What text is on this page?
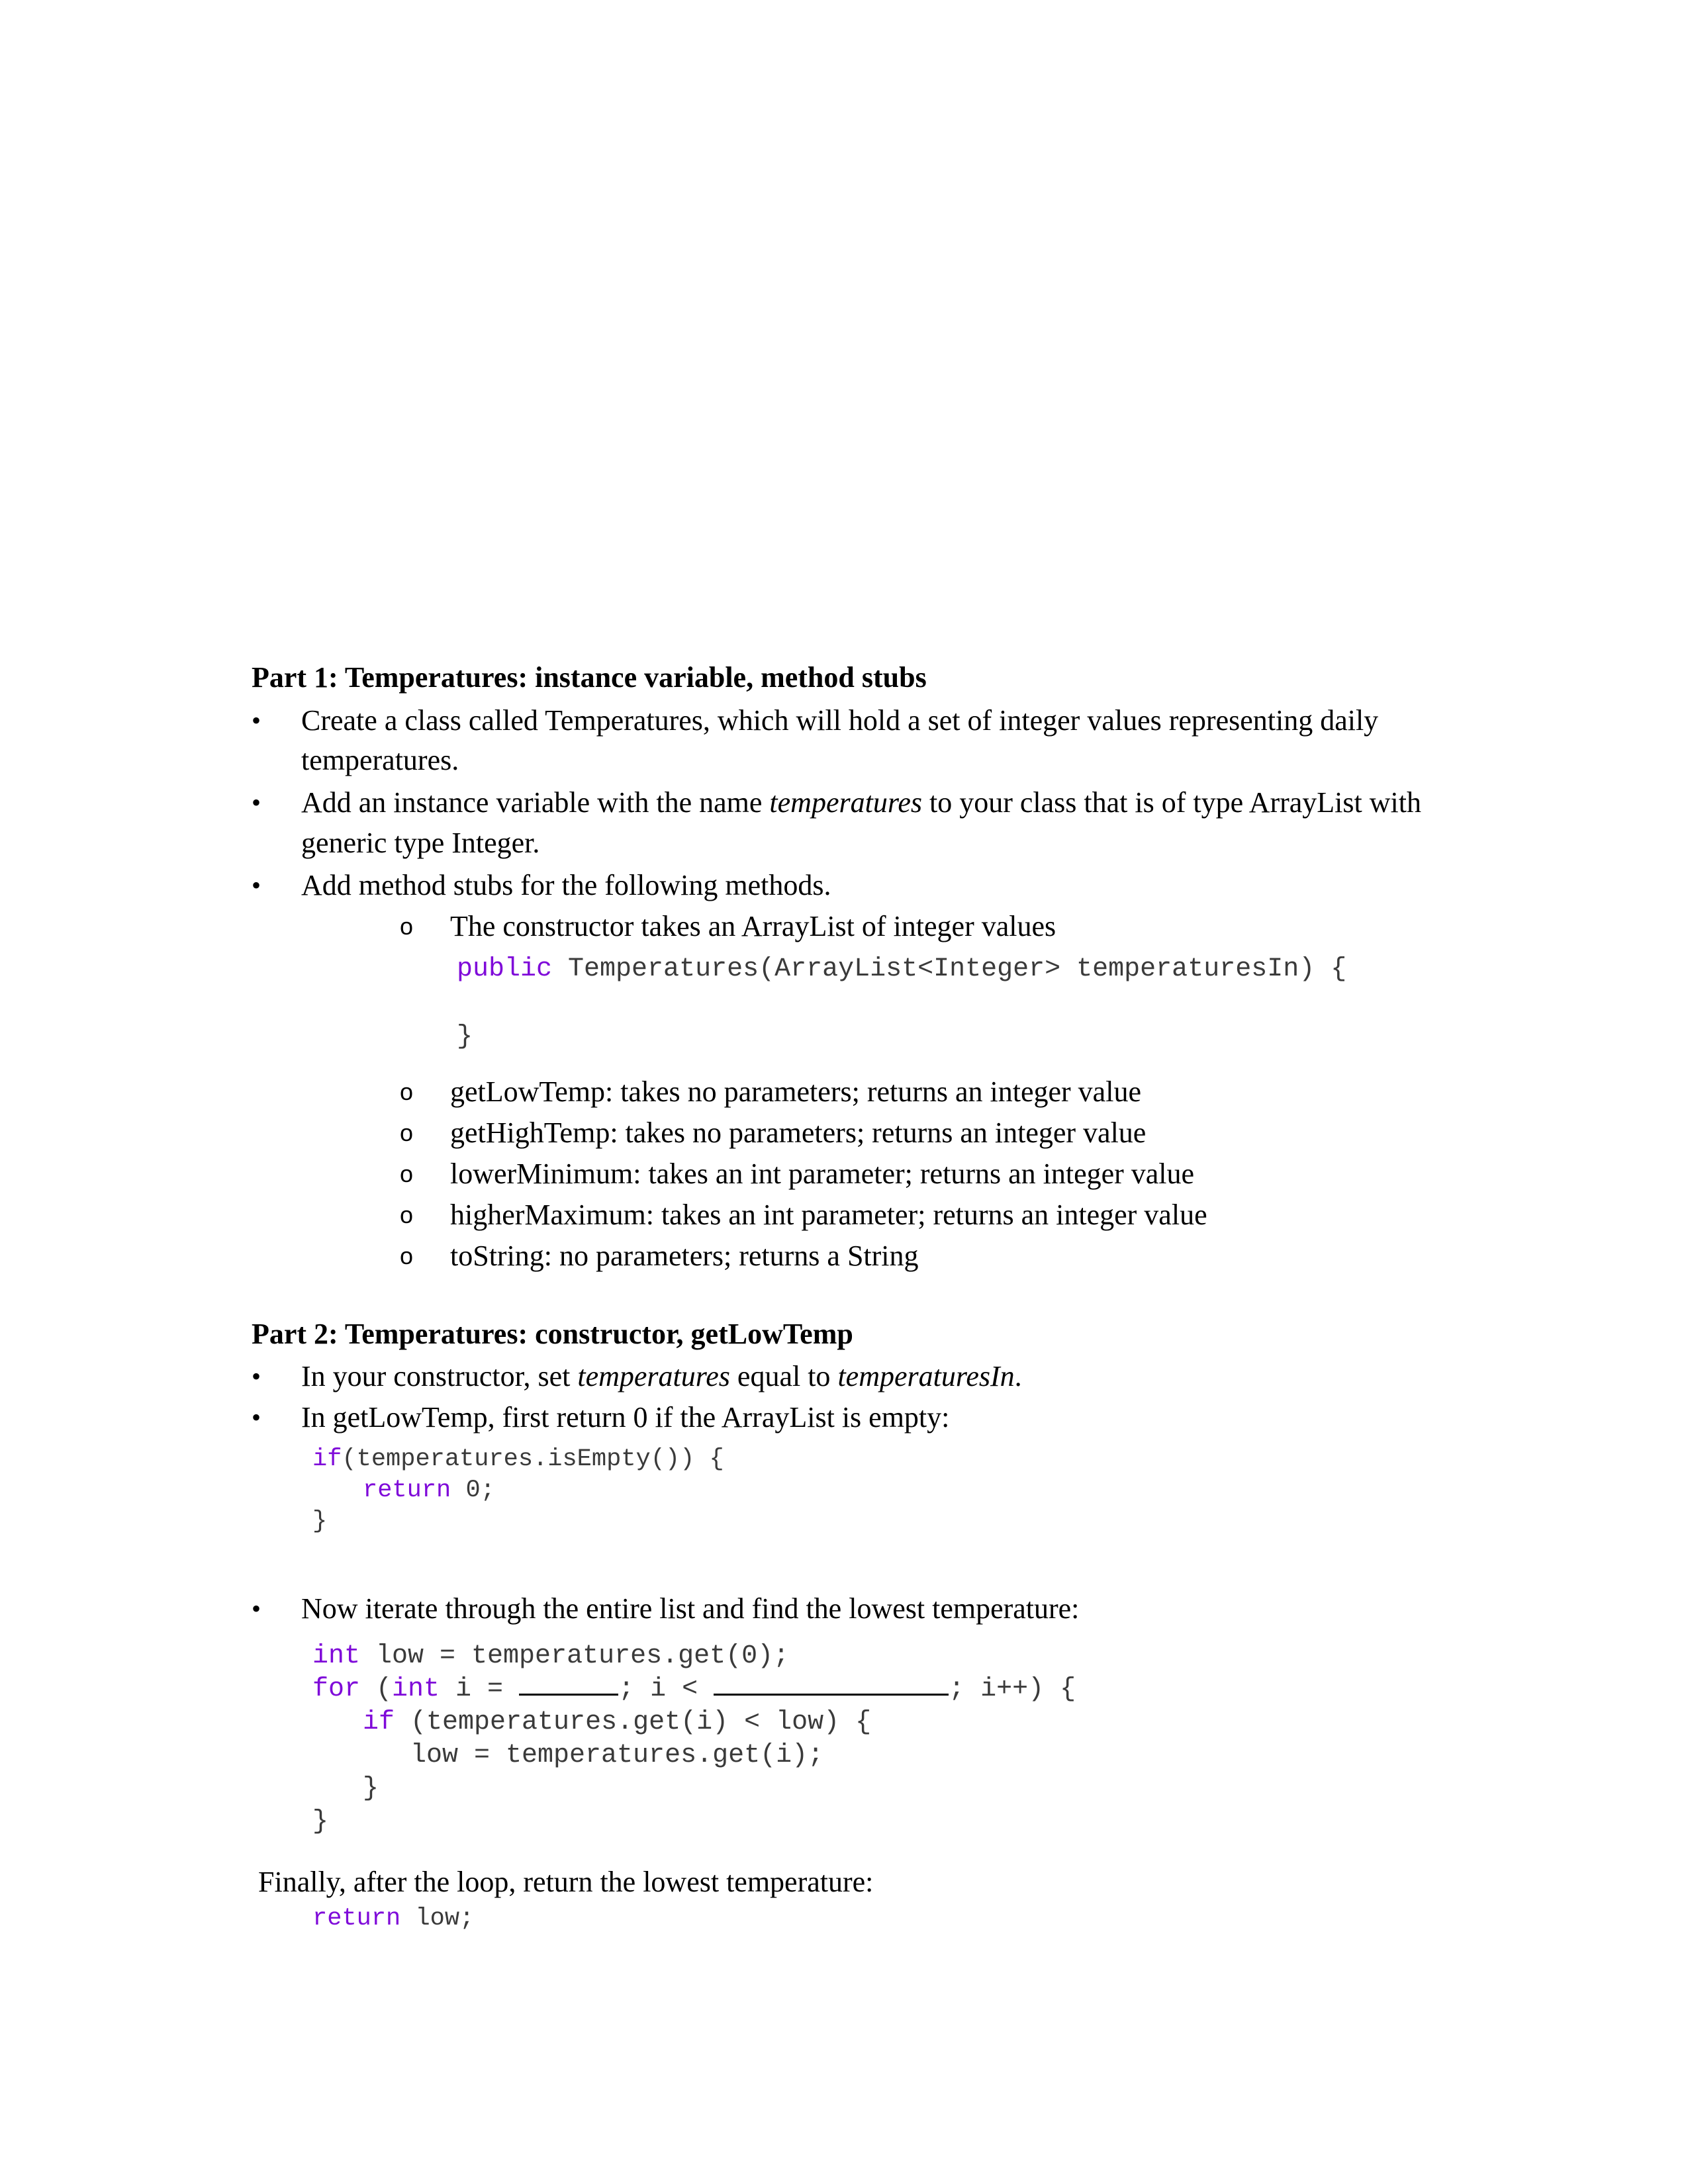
Part 1: Temperatures: instance variable, method stubs
• Create a class called Temperatures, which will hold a set of integer values representing daily
temperatures.
• Add an instance variable with the name temperatures to your class that is of type ArrayList with
generic type Integer.
• Add method stubs for the following methods.
o The constructor takes an ArrayList of integer values
public Temperatures(ArrayList<Integer> temperaturesIn) {
}
o getLowTemp: takes no parameters; returns an integer value
o getHighTemp: takes no parameters; returns an integer value
o lowerMinimum: takes an int parameter; returns an integer value
o higherMaximum: takes an int parameter; returns an integer value
o toString: no parameters; returns a String
Part 2: Temperatures: constructor, getLowTemp
• In your constructor, set temperatures equal to temperaturesIn.
• In getLowTemp, first return 0 if the ArrayList is empty:
if(temperatures.isEmpty()) {
return 0;
}
• Now iterate through the entire list and find the lowest temperature:
int low = temperatures.get(0);
for (int i =	; i <	; i++) {
if (temperatures.get(i) < low) {
low = temperatures.get(i);
}
}
Finally, after the loop, return the lowest temperature:
return low;
